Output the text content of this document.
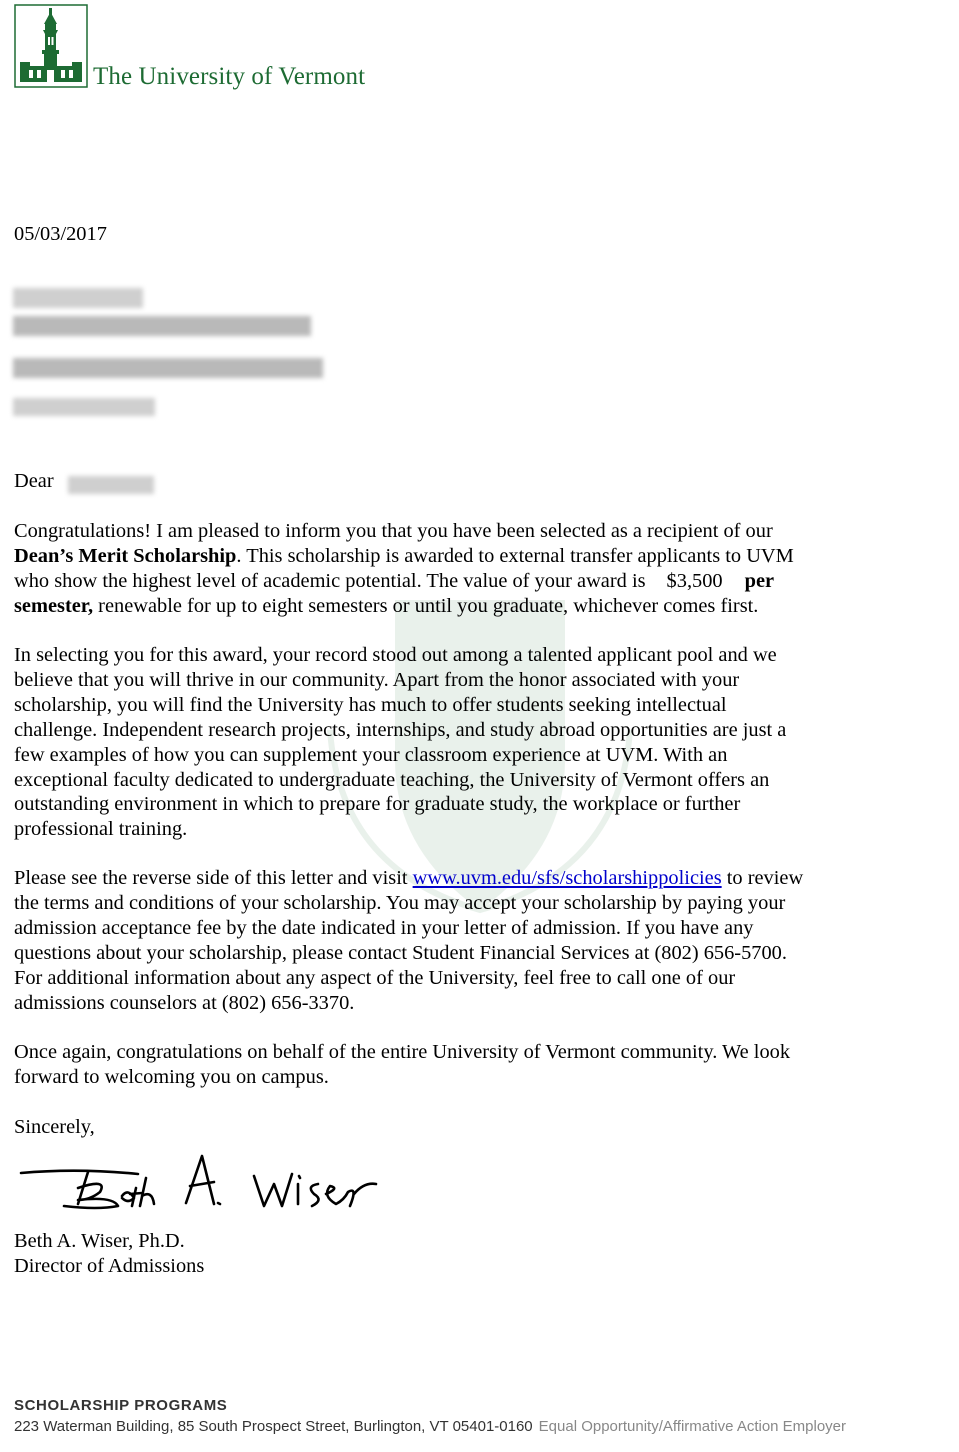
The University of Vermont
05/03/2017
Dear
Congratulations! I am pleased to inform you that you have been selected as a recipient of our
Dean’s Merit Scholarship. This scholarship is awarded to external transfer applicants to UVM
who show the highest level of academic potential. The value of your award is $3,500 per
semester, renewable for up to eight semesters or until you graduate, whichever comes first.
In selecting you for this award, your record stood out among a talented applicant pool and we
believe that you will thrive in our community. Apart from the honor associated with your
scholarship, you will find the University has much to offer students seeking intellectual
challenge. Independent research projects, internships, and study abroad opportunities are just a
few examples of how you can supplement your classroom experience at UVM. With an
exceptional faculty dedicated to undergraduate teaching, the University of Vermont offers an
outstanding environment in which to prepare for graduate study, the workplace or further
professional training.
Please see the reverse side of this letter and visit www.uvm.edu/sfs/scholarshippolicies to review
the terms and conditions of your scholarship. You may accept your scholarship by paying your
admission acceptance fee by the date indicated in your letter of admission. If you have any
questions about your scholarship, please contact Student Financial Services at (802) 656-5700.
For additional information about any aspect of the University, feel free to call one of our
admissions counselors at (802) 656-3370.
Once again, congratulations on behalf of the entire University of Vermont community. We look
forward to welcoming you on campus.
Sincerely,
Beth A. Wiser, Ph.D.
Director of Admissions
SCHOLARSHIP PROGRAMS
223 Waterman Building, 85 South Prospect Street, Burlington, VT 05401-0160 Equal Opportunity/Affirmative Action Employer
